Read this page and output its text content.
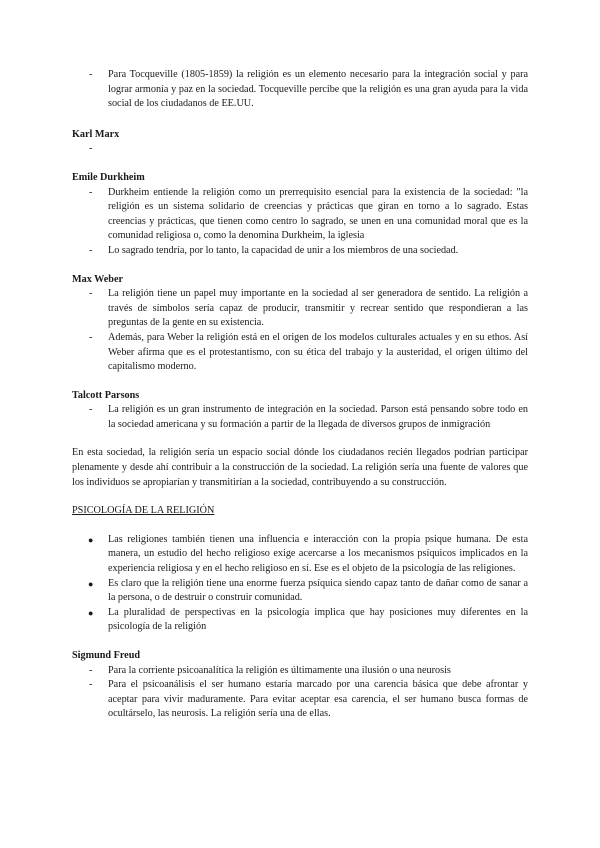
- Para Tocqueville (1805-1859) la religión es un elemento necesario para la integración social y para lograr armonía y paz en la sociedad. Tocqueville percibe que la religión es una gran ayuda para la vida social de los ciudadanos de EE.UU.

Karl Marx

-

Emile Durkheim

- Durkheim entiende la religión como un prerrequisito esencial para la existencia de la sociedad: "la religión es un sistema solidario de creencias y prácticas que giran en torno a lo sagrado. Estas creencias y prácticas, que tienen como centro lo sagrado, se unen en una comunidad moral que es la comunidad religiosa o, como la denomina Durkheim, la iglesia
- Lo sagrado tendría, por lo tanto, la capacidad de unir a los miembros de una sociedad.

Max Weber

- La religión tiene un papel muy importante en la sociedad al ser generadora de sentido. La religión a través de símbolos sería capaz de producir, transmitir y recrear sentido que respondieran a las preguntas de la gente en su existencia.
- Además, para Weber la religión está en el origen de los modelos culturales actuales y en su ethos. Así Weber afirma que es el protestantismo, con su ética del trabajo y la austeridad, el origen último del capitalismo moderno.

Talcott Parsons

- La religión es un gran instrumento de integración en la sociedad. Parson está pensando sobre todo en la sociedad americana y su formación a partir de la llegada de diversos grupos de inmigración

En esta sociedad, la religión sería un espacio social dónde los ciudadanos recién llegados podrían participar plenamente y desde ahí contribuir a la construcción de la sociedad. La religión sería una fuente de valores que los individuos se apropiarían y transmitirían a la sociedad, contribuyendo a su construcción.

PSICOLOGÍA DE LA RELIGIÓN

● Las religiones también tienen una influencia e interacción con la propia psique humana. De esta manera, un estudio del hecho religioso exige acercarse a los mecanismos psíquicos implicados en la experiencia religiosa y en el hecho religioso en sí. Ese es el objeto de la psicología de las religiones.
● Es claro que la religión tiene una enorme fuerza psíquica siendo capaz tanto de dañar como de sanar a la persona, o de destruir o construir comunidad.
● La pluralidad de perspectivas en la psicología implica que hay posiciones muy diferentes en la psicología de la religión

Sigmund Freud

- Para la corriente psicoanalítica la religión es últimamente una ilusión o una neurosis
- Para el psicoanálisis el ser humano estaría marcado por una carencia básica que debe afrontar y aceptar para vivir maduramente. Para evitar aceptar esa carencia, el ser humano busca formas de ocultárselo, las neurosis. La religión sería una de ellas.
